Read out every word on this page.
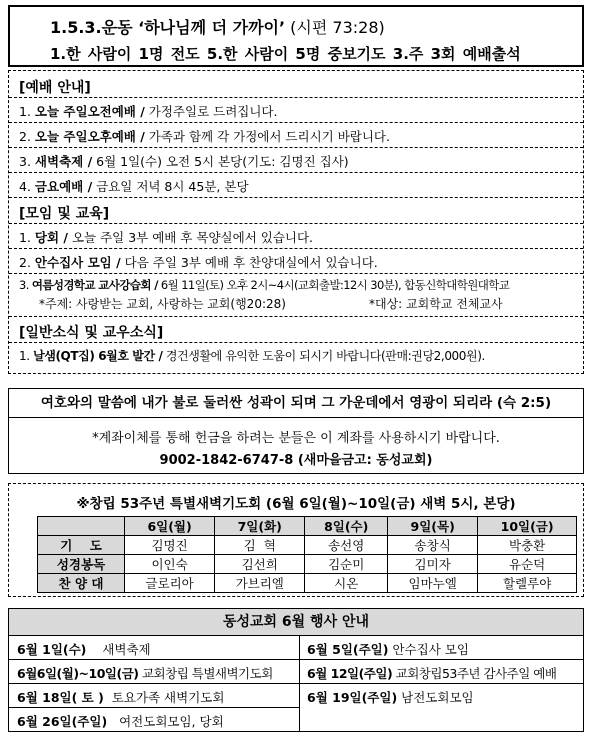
1.5.3.운동 ‘하나님께 더 가까이’ (시편 73:28)
1.한 사람이 1명 전도 5.한 사람이 5명 중보기도 3.주 3회 예배출석
[예배 안내]
1. 오늘 주일오전예배 / 가정주일로 드려집니다.
2. 오늘 주일오후예배 / 가족과 함께 각 가정에서 드리시기 바랍니다.
3. 새벽축제 / 6월 1일(수) 오전 5시 본당(기도: 김명진 집사)
4. 금요예배 / 금요일 저녁 8시 45분, 본당
[모임 및 교육]
1. 당회 / 오늘 주일 3부 예배 후 목양실에서 있습니다.
2. 안수집사 모임 / 다음 주일 3부 예배 후 찬양대실에서 있습니다.
3. 여름성경학교 교사강습회 / 6월 11일(토) 오후 2시~4시(교회출발:12시 30분), 합동신학대학원대학교
*주제: 사랑받는 교회, 사랑하는 교회(행20:28)	*대상: 교회학교 전체교사
[일반소식 및 교우소식]
1. 날샘(QT집) 6월호 발간 / 경건생활에 유익한 도움이 되시기 바랍니다(판매:권당2,000원).
여호와의 말씀에 내가 불로 둘러싼 성곽이 되며 그 가운데에서 영광이 되리라 (슥 2:5)
*계좌이체를 통해 헌금을 하려는 분들은 이 계좌를 사용하시기 바랍니다.
9002-1842-6747-8 (새마을금고: 동성교회)
※창립 53주년 특별새벽기도회 (6월 6일(월)~10일(금) 새벽 5시, 본당)
	6일(월)	7일(화)	8일(수)	9일(목)	10일(금)
기    도	김명진	김  혁	송선영	송창식	박충환
성경봉독	이인숙	김선희	김순미	김미자	유순덕
찬 양 대	글로리아	가브리엘	시온	임마누엘	할렐루야
동성교회 6월 행사 안내
6월 1일(수) 새벽축제
6월6일(월)~10일(금) 교회창립 특별새벽기도회
6월 18일( 토 ) 토요가족 새벽기도회
6월 26일(주일) 여전도회모임, 당회
6월 5일(주일) 안수집사 모임
6월 12일(주일) 교회창립53주년 감사주일 예배
6월 19일(주일) 남전도회모임
